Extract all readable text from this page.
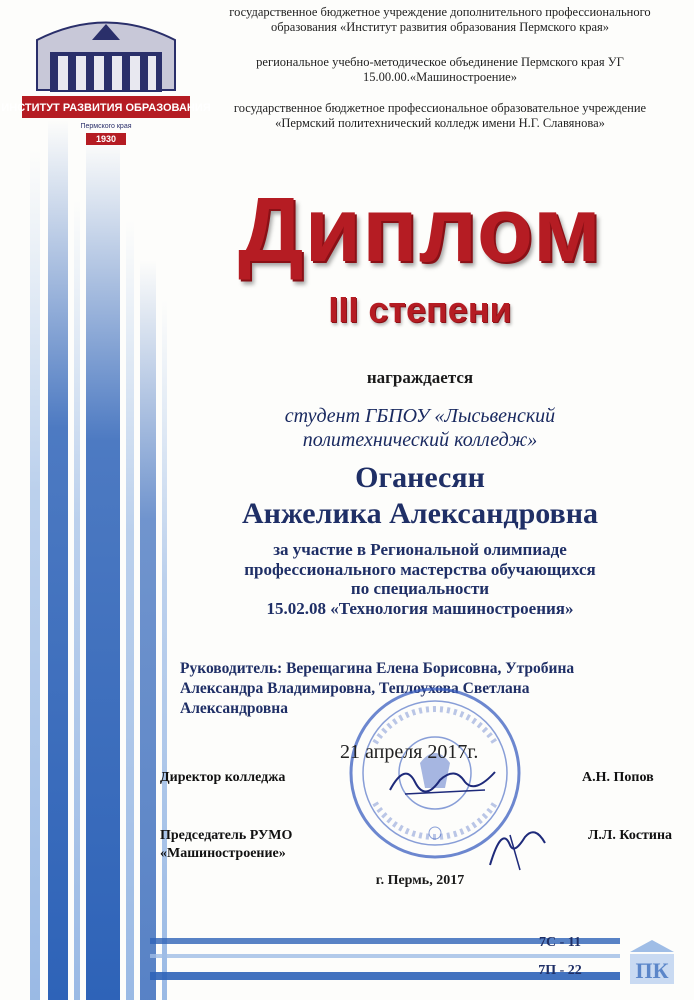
ИНСТИТУТ РАЗВИТИЯ ОБРАЗОВАНИЯ
Пермского края
1930
государственное бюджетное учреждение дополнительного профессионального
образования «Институт развития образования Пермского края»
региональное учебно-методическое объединение Пермского края УГ
15.00.00.«Машиностроение»
государственное бюджетное профессиональное образовательное учреждение
«Пермский политехнический колледж имени Н.Г. Славянова»
Диплом
III степени
награждается
студент ГБПОУ «Лысьвенский
политехнический колледж»
Оганесян
Анжелика Александровна
за участие в Региональной олимпиаде
профессионального мастерства обучающихся
по специальности
15.02.08 «Технология машиностроения»
Руководитель: Верещагина Елена Борисовна, Утробина
Александра Владимировна, Теплоухова Светлана
Александровна
21 апреля 2017г.
Директор колледжа	А.Н. Попов
Председатель РУМО
«Машиностроение»
Л.Л. Костина
г. Пермь, 2017
7С - 11
7П - 22	ПК
